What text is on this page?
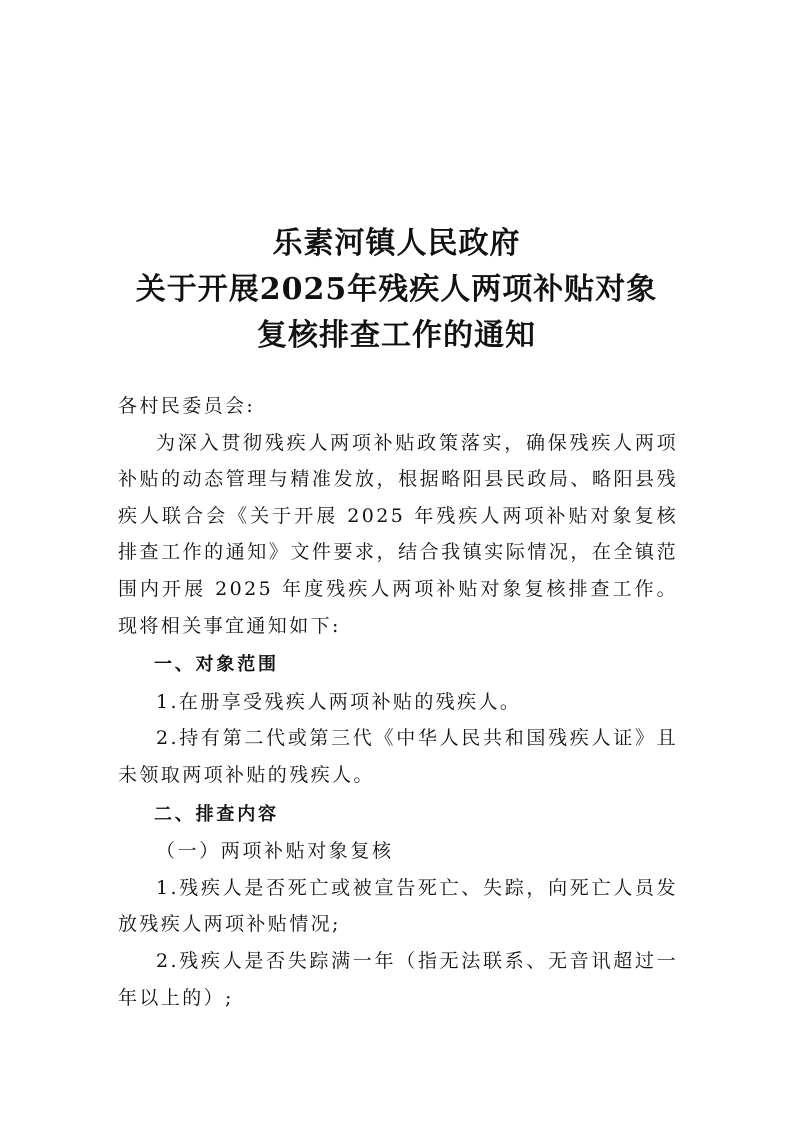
乐素河镇人民政府
关于开展2025年残疾人两项补贴对象
复核排查工作的通知

各村民委员会:

为深入贯彻残疾人两项补贴政策落实，确保残疾人两项补贴的动态管理与精准发放，根据略阳县民政局、略阳县残疾人联合会《关于开展 2025 年残疾人两项补贴对象复核排查工作的通知》文件要求，结合我镇实际情况，在全镇范围内开展 2025 年度残疾人两项补贴对象复核排查工作。现将相关事宜通知如下:

一、对象范围

1.在册享受残疾人两项补贴的残疾人。

2.持有第二代或第三代《中华人民共和国残疾人证》且未领取两项补贴的残疾人。

二、排查内容

（一）两项补贴对象复核

1.残疾人是否死亡或被宣告死亡、失踪，向死亡人员发放残疾人两项补贴情况;

2.残疾人是否失踪满一年（指无法联系、无音讯超过一年以上的）;
